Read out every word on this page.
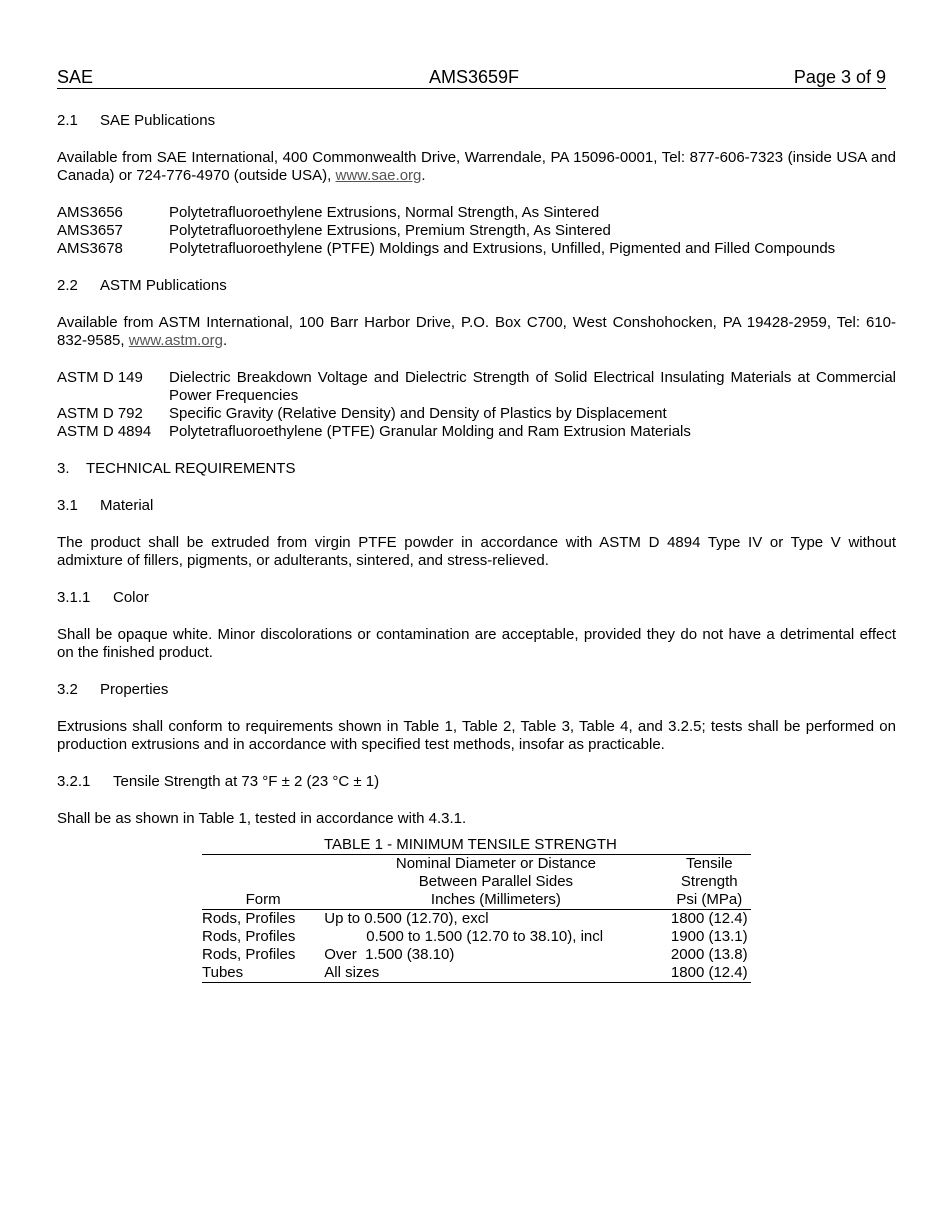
SAE	AMS3659F	Page 3 of 9
2.1 SAE Publications
Available from SAE International, 400 Commonwealth Drive, Warrendale, PA 15096-0001, Tel: 877-606-7323 (inside USA and Canada) or 724-776-4970 (outside USA), www.sae.org.
AMS3656	Polytetrafluoroethylene Extrusions, Normal Strength, As Sintered
AMS3657	Polytetrafluoroethylene Extrusions, Premium Strength, As Sintered
AMS3678	Polytetrafluoroethylene (PTFE) Moldings and Extrusions, Unfilled, Pigmented and Filled Compounds
2.2 ASTM Publications
Available from ASTM International, 100 Barr Harbor Drive, P.O. Box C700, West Conshohocken, PA 19428-2959, Tel: 610-832-9585, www.astm.org.
ASTM D 149	Dielectric Breakdown Voltage and Dielectric Strength of Solid Electrical Insulating Materials at Commercial Power Frequencies
ASTM D 792	Specific Gravity (Relative Density) and Density of Plastics by Displacement
ASTM D 4894	Polytetrafluoroethylene (PTFE) Granular Molding and Ram Extrusion Materials
3. TECHNICAL REQUIREMENTS
3.1 Material
The product shall be extruded from virgin PTFE powder in accordance with ASTM D 4894 Type IV or Type V without admixture of fillers, pigments, or adulterants, sintered, and stress-relieved.
3.1.1 Color
Shall be opaque white. Minor discolorations or contamination are acceptable, provided they do not have a detrimental effect on the finished product.
3.2 Properties
Extrusions shall conform to requirements shown in Table 1, Table 2, Table 3, Table 4, and 3.2.5; tests shall be performed on production extrusions and in accordance with specified test methods, insofar as practicable.
3.2.1 Tensile Strength at 73 °F ± 2 (23 °C ± 1)
Shall be as shown in Table 1, tested in accordance with 4.3.1.
TABLE 1 - MINIMUM TENSILE STRENGTH
	Nominal Diameter or Distance	Tensile
	Between Parallel Sides	Strength
Form	Inches (Millimeters)	Psi (MPa)
Rods, Profiles	Up to 0.500 (12.70), excl	1800 (12.4)
Rods, Profiles	0.500 to 1.500 (12.70 to 38.10), incl	1900 (13.1)
Rods, Profiles	Over  1.500 (38.10)	2000 (13.8)
Tubes	All sizes	1800 (12.4)
